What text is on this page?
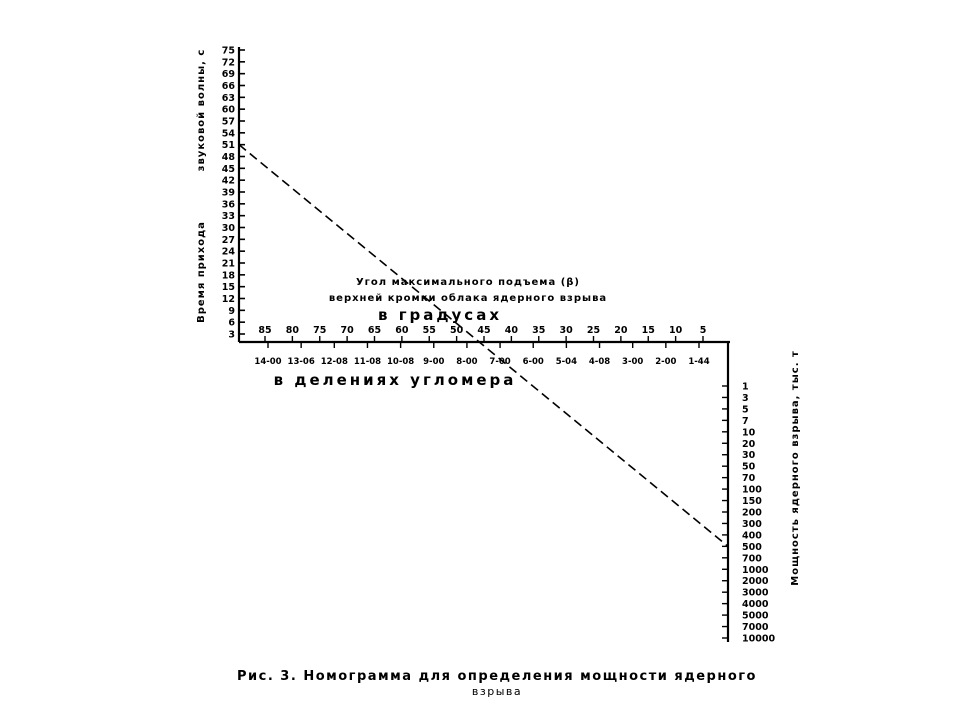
75
72
69
66
63
60
57
54
51
48
45
42
39
36
33
30
27
24
21
18
15
12
9
6
3 85 80 75 70 65 60 55 50 45 40 35 30 25 20 15 10 5
14-00 13-06 12-08 11-08 10-08 9-00 8-00 7-00 6-00 5-04 4-08 3-00 2-00 1-44
1
3
5
7
10
20
30
50
70
100
150
200
300
400
500
700
1000
2000
3000
4000
5000
7000
10000
звуковой волны, с
Время прихода	Угол максимального подъема (β)
верхней кромки облака ядерного взрыва
в градусах
в делениях угломера	Мощность ядерного взрыва, тыс. т
Рис. 3. Номограмма для определения мощности ядерного
взрыва
